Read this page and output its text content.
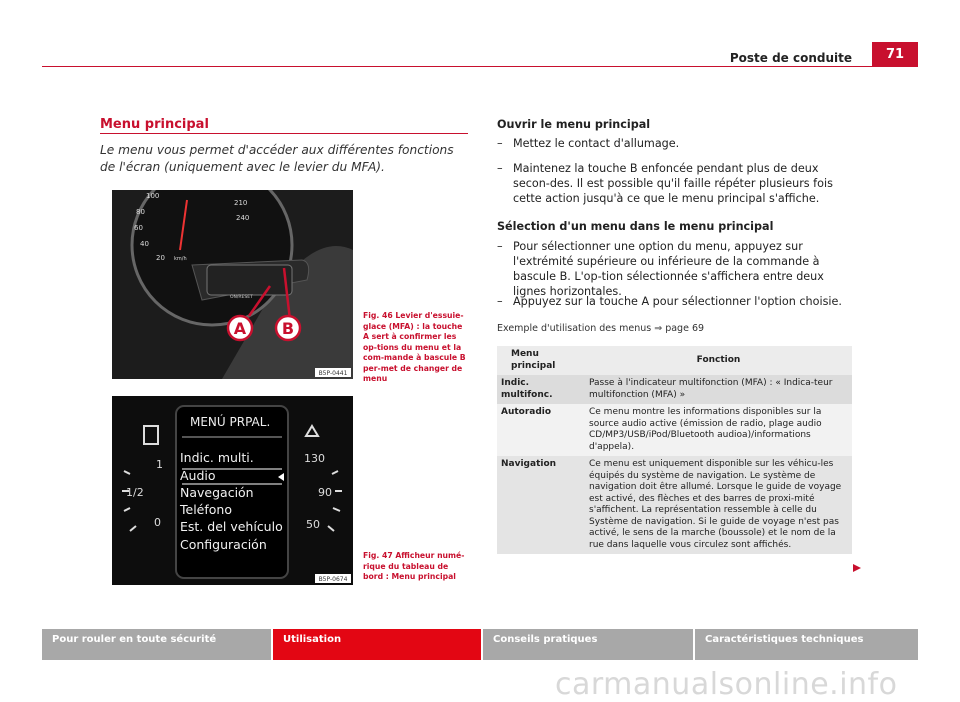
Poste de conduite	71
Menu principal
Le menu vous permet d'accéder aux différentes fonctions de l'écran (uniquement avec le levier du MFA).
100
80
60
40
20
210
240
km/h
ON/RESET
A B
B5P-0441
Fig. 46 Levier d'essuie-glace (MFA) : la touche A sert à confirmer les op-tions du menu et la com-mande à bascule B per-met de changer de menu
1
1/2
0
130
90
50
MENÚ PRPAL.
Indic. multi.
Audio
Navegación
Teléfono
Est. del vehículo
Configuración
B5P-0674
Fig. 47 Afficheur numé-rique du tableau de bord : Menu principal
Ouvrir le menu principal
– Mettez le contact d'allumage.
– Maintenez la touche B enfoncée pendant plus de deux secon-des. Il est possible qu'il faille répéter plusieurs fois cette action jusqu'à ce que le menu principal s'affiche.
Sélection d'un menu dans le menu principal
– Pour sélectionner une option du menu, appuyez sur l'extrémité supérieure ou inférieure de la commande à bascule B. L'op-tion sélectionnée s'affichera entre deux lignes horizontales.
– Appuyez sur la touche A pour sélectionner l'option choisie.
Exemple d'utilisation des menus ⇒ page 69
Menu principal	Fonction
Indic. multifonc.	Passe à l'indicateur multifonction (MFA) : « Indica-teur multifonction (MFA) »
Autoradio	Ce menu montre les informations disponibles sur la source audio active (émission de radio, plage audio CD/MP3/USB/iPod/Bluetooth audioa)/informations d'appela).
Navigation	Ce menu est uniquement disponible sur les véhicu-les équipés du système de navigation. Le système de navigation doit être allumé. Lorsque le guide de voyage est activé, des flèches et des barres de proxi-mité s'affichent. La représentation ressemble à celle du Système de navigation. Si le guide de voyage n'est pas activé, le sens de la marche (boussole) et le nom de la rue dans laquelle vous circulez sont affichés.
Pour rouler en toute sécurité	Utilisation	Conseils pratiques	Caractéristiques techniques
carmanualsonline.info
